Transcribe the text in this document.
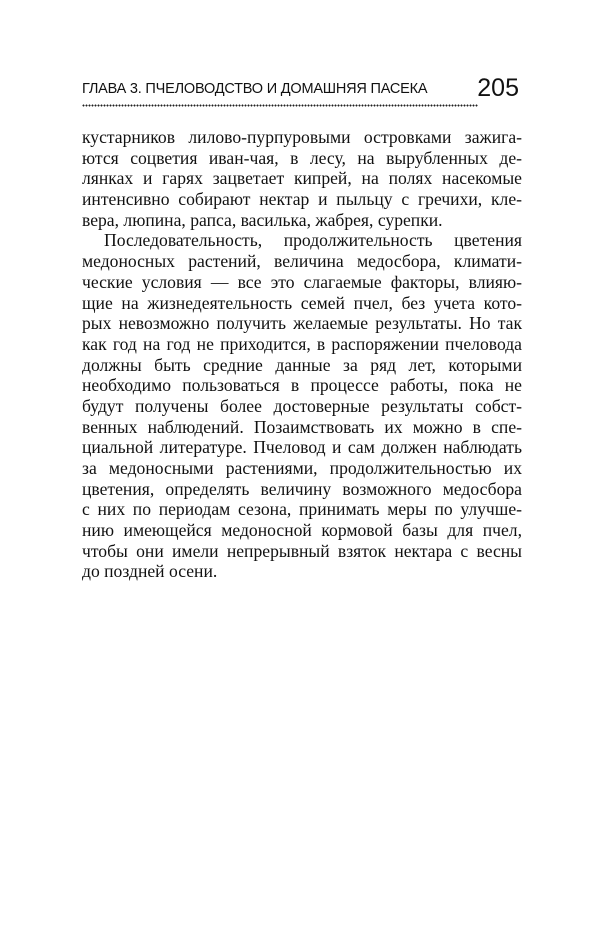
ГЛАВА 3. ПЧЕЛОВОДСТВО И ДОМАШНЯЯ ПАСЕКА 205
кустарников лилово-пурпуровыми островками зажига-
ются соцветия иван-чая, в лесу, на вырубленных де-
лянках и гарях зацветает кипрей, на полях насекомые
интенсивно собирают нектар и пыльцу с гречихи, кле-
вера, люпина, рапса, василька, жабрея, сурепки.
Последовательность, продолжительность цветения
медоносных растений, величина медосбора, климати-
ческие условия — все это слагаемые факторы, влияю-
щие на жизнедеятельность семей пчел, без учета кото-
рых невозможно получить желаемые результаты. Но так
как год на год не приходится, в распоряжении пчеловода
должны быть средние данные за ряд лет, которыми
необходимо пользоваться в процессе работы, пока не
будут получены более достоверные результаты собст-
венных наблюдений. Позаимствовать их можно в спе-
циальной литературе. Пчеловод и сам должен наблюдать
за медоносными растениями, продолжительностью их
цветения, определять величину возможного медосбора
с них по периодам сезона, принимать меры по улучше-
нию имеющейся медоносной кормовой базы для пчел,
чтобы они имели непрерывный взяток нектара с весны
до поздней осени.
